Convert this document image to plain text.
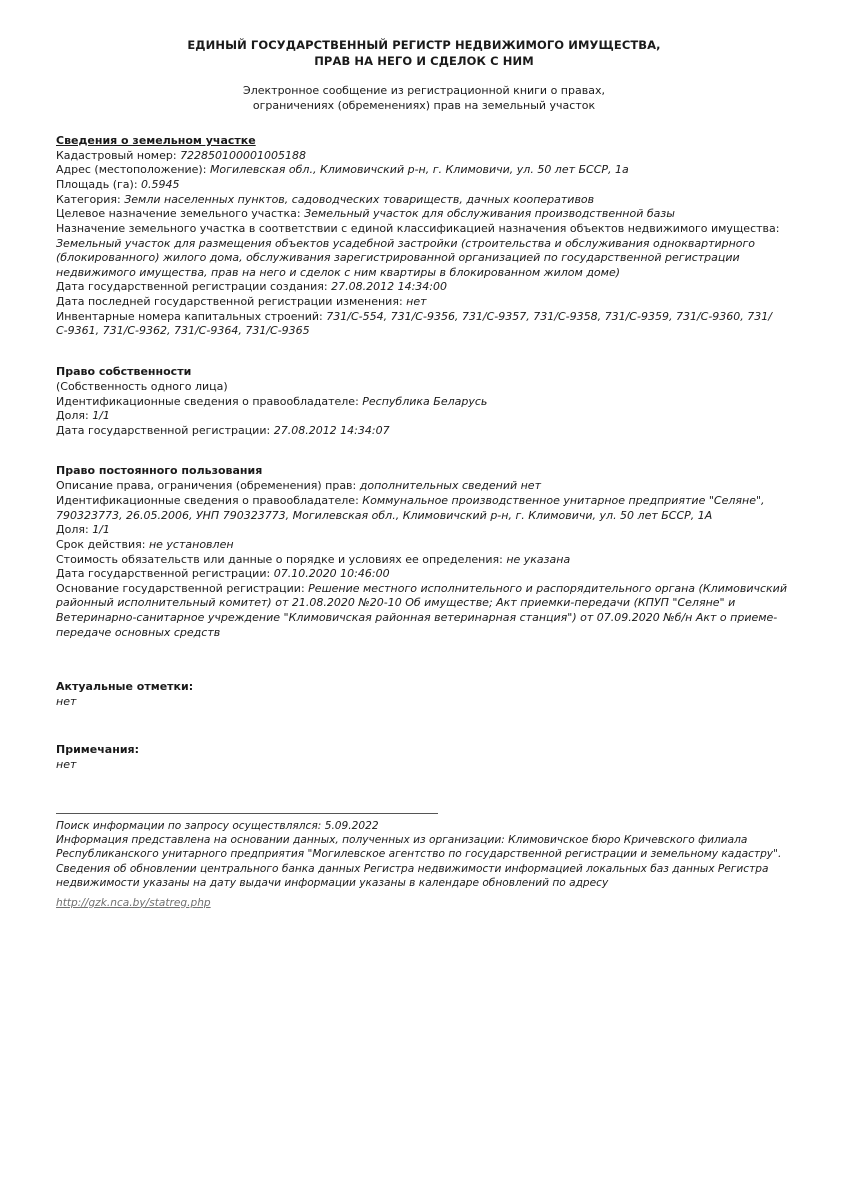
ЕДИНЫЙ ГОСУДАРСТВЕННЫЙ РЕГИСТР НЕДВИЖИМОГО ИМУЩЕСТВА,
ПРАВ НА НЕГО И СДЕЛОК С НИМ
Электронное сообщение из регистрационной книги о правах,
ограничениях (обременениях) прав на земельный участок
Сведения о земельном участке

Кадастровый номер: 722850100001005188

Адрес (местоположение): Могилевская обл., Климовичский р-н, г. Климовичи, ул. 50 лет БССР, 1а

Площадь (га): 0.5945

Категория: Земли населенных пунктов, садоводческих товариществ, дачных кооперативов

Целевое назначение земельного участка: Земельный участок для обслуживания производственной базы

Назначение земельного участка в соответствии с единой классификацией назначения объектов недвижимого имущества: Земельный участок для размещения объектов усадебной застройки (строительства и обслуживания одноквартирного (блокированного) жилого дома, обслуживания зарегистрированной организацией по государственной регистрации недвижимого имущества, прав на него и сделок с ним квартиры в блокированном жилом доме)

Дата государственной регистрации создания: 27.08.2012 14:34:00

Дата последней государственной регистрации изменения: нет

Инвентарные номера капитальных строений: 731/С-554, 731/С-9356, 731/С-9357, 731/С-9358, 731/С-9359, 731/С-9360, 731/С-9361, 731/С-9362, 731/С-9364, 731/С-9365

Право собственности

(Собственность одного лица)

Идентификационные сведения о правообладателе: Республика Беларусь

Доля: 1/1

Дата государственной регистрации: 27.08.2012 14:34:07

Право постоянного пользования

Описание права, ограничения (обременения) прав: дополнительных сведений нет

Идентификационные сведения о правообладателе: Коммунальное производственное унитарное предприятие "Селяне", 790323773, 26.05.2006, УНП 790323773, Могилевская обл., Климовичский р-н, г. Климовичи, ул. 50 лет БССР, 1А

Доля: 1/1

Срок действия: не установлен

Стоимость обязательств или данные о порядке и условиях ее определения: не указана

Дата государственной регистрации: 07.10.2020 10:46:00

Основание государственной регистрации: Решение местного исполнительного и распорядительного органа (Климовичский районный исполнительный комитет) от 21.08.2020 №20-10 Об имуществе; Акт приемки-передачи (КПУП "Селяне" и Ветеринарно-санитарное учреждение "Климовичская районная ветеринарная станция") от 07.09.2020 №б/н Акт о приеме-передаче основных средств

Актуальные отметки:

нет

Примечания:

нет

Поиск информации по запросу осуществлялся: 5.09.2022

Информация представлена на основании данных, полученных из организации: Климовичское бюро Кричевского филиала Республиканского унитарного предприятия "Могилевское агентство по государственной регистрации и земельному кадастру".

Сведения об обновлении центрального банка данных Регистра недвижимости информацией локальных баз данных Регистра недвижимости указаны на дату выдачи информации указаны в календаре обновлений по адресу

http://gzk.nca.by/statreg.php
